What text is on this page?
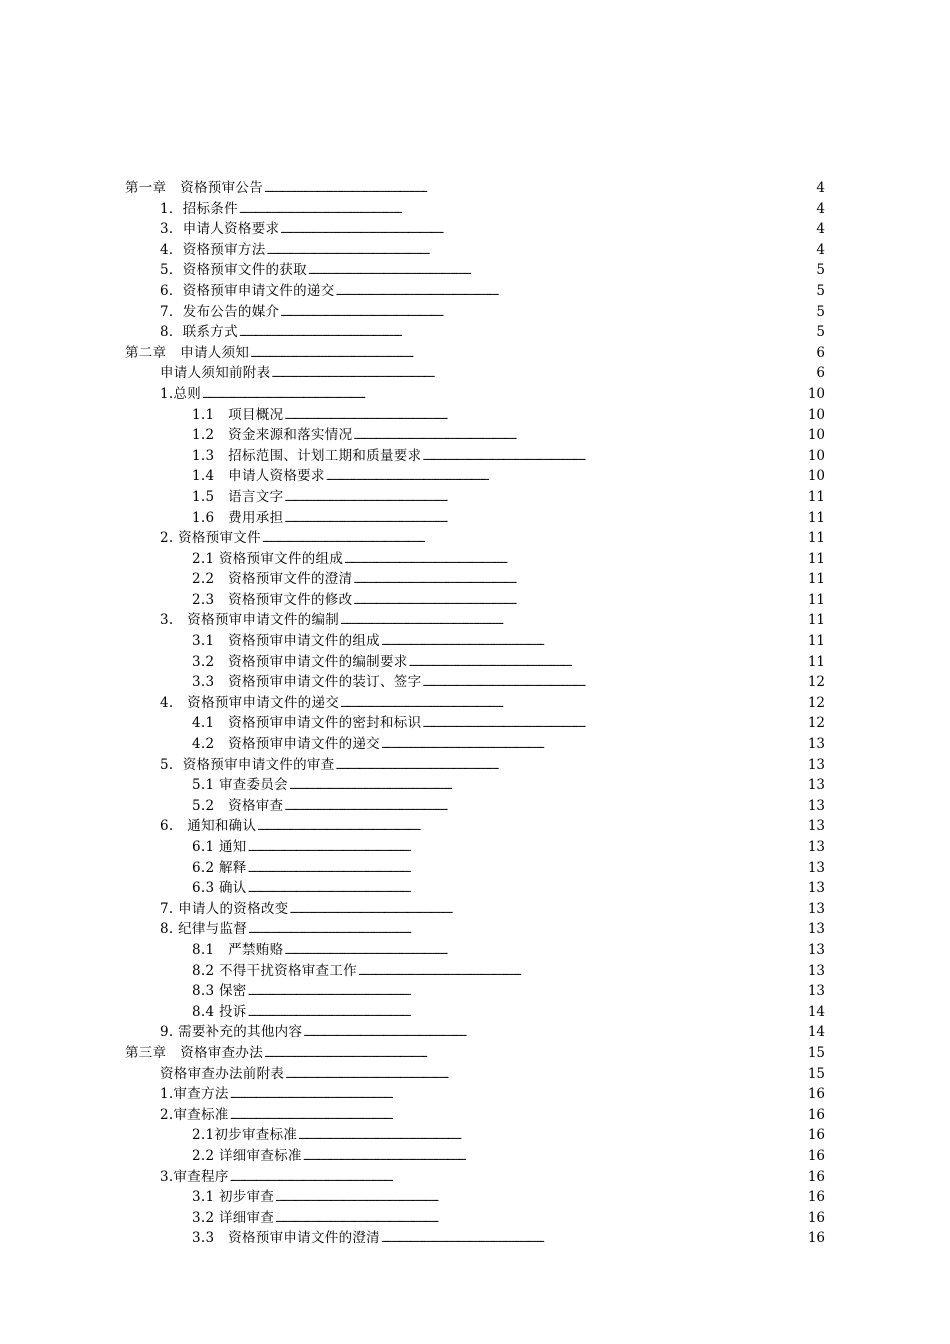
第一章　资格预审公告 . . .	4
1．招标条件 . . .	4
3．申请人资格要求 . . .	4
4．资格预审方法 . . .	4
5．资格预审文件的获取 . . .	5
6．资格预审申请文件的递交 . . .	5
7．发布公告的媒介 . . .	5
8．联系方式 . . .	5
第二章　申请人须知 . . .	6
申请人须知前附表 . . .	6
1.总则 . . .	10
1.1　项目概况 . . .	10
1.2　资金来源和落实情况 . . .	10
1.3　招标范围、计划工期和质量要求 . . .	10
1.4　申请人资格要求 . . .	10
1.5　语言文字 . . .	11
1.6　费用承担 . . .	11
2. 资格预审文件 . . .	11
2.1 资格预审文件的组成 . . .	11
2.2　资格预审文件的澄清 . . .	11
2.3　资格预审文件的修改 . . .	11
3.　资格预审申请文件的编制 . . .	11
3.1　资格预审申请文件的组成 . . .	11
3.2　资格预审申请文件的编制要求 . . .	11
3.3　资格预审申请文件的装订、签字 . . .	12
4.　资格预审申请文件的递交 . . .	12
4.1　资格预审申请文件的密封和标识 . . .	12
4.2　资格预审申请文件的递交 . . .	13
5．资格预审申请文件的审查 . . .	13
5.1 审查委员会 . . .	13
5.2　资格审查 . . .	13
6.　通知和确认 . . .	13
6.1 通知 . . .	13
6.2 解释 . . .	13
6.3 确认 . . .	13
7. 申请人的资格改变 . . .	13
8. 纪律与监督 . . .	13
8.1　严禁贿赂 . . .	13
8.2 不得干扰资格审查工作 . . .	13
8.3 保密 . . .	13
8.4 投诉 . . .	14
9. 需要补充的其他内容 . . .	14
第三章　资格审查办法 . . .	15
资格审查办法前附表 . . .	15
1.审查方法 . . .	16
2.审查标准 . . .	16
2.1初步审查标准 . . .	16
2.2 详细审查标准 . . .	16
3.审查程序 . . .	16
3.1 初步审查 . . .	16
3.2 详细审查 . . .	16
3.3　资格预审申请文件的澄清 . . .	16
